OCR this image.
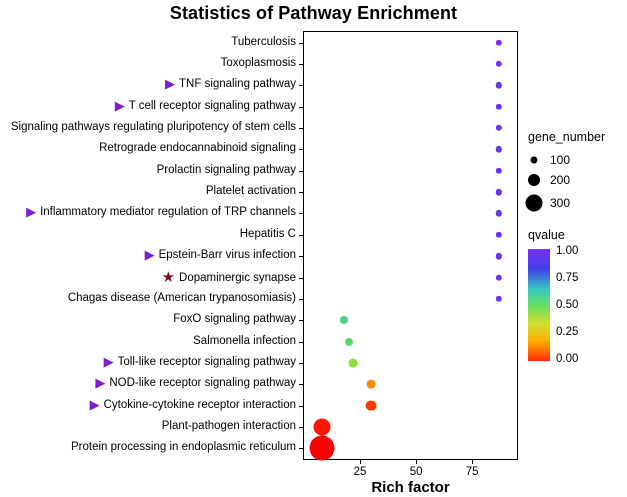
Statistics of Pathway Enrichment
Tuberculosis
Toxoplasmosis
▶ TNF signaling pathway
▶ T cell receptor signaling pathway
Signaling pathways regulating pluripotency of stem cells
Retrograde endocannabinoid signaling
Prolactin signaling pathway
Platelet activation
▶ Inflammatory mediator regulation of TRP channels
Hepatitis C
▶ Epstein-Barr virus infection
★ Dopaminergic synapse
Chagas disease (American trypanosomiasis)
FoxO signaling pathway
Salmonella infection
▶ Toll-like receptor signaling pathway
▶ NOD-like receptor signaling pathway
▶ Cytokine-cytokine receptor interaction
Plant-pathogen interaction
Protein processing in endoplasmic reticulum
25	50	75
Rich factor
gene_number
100
200
300
qvalue
1.00
0.75
0.50
0.25
0.00
